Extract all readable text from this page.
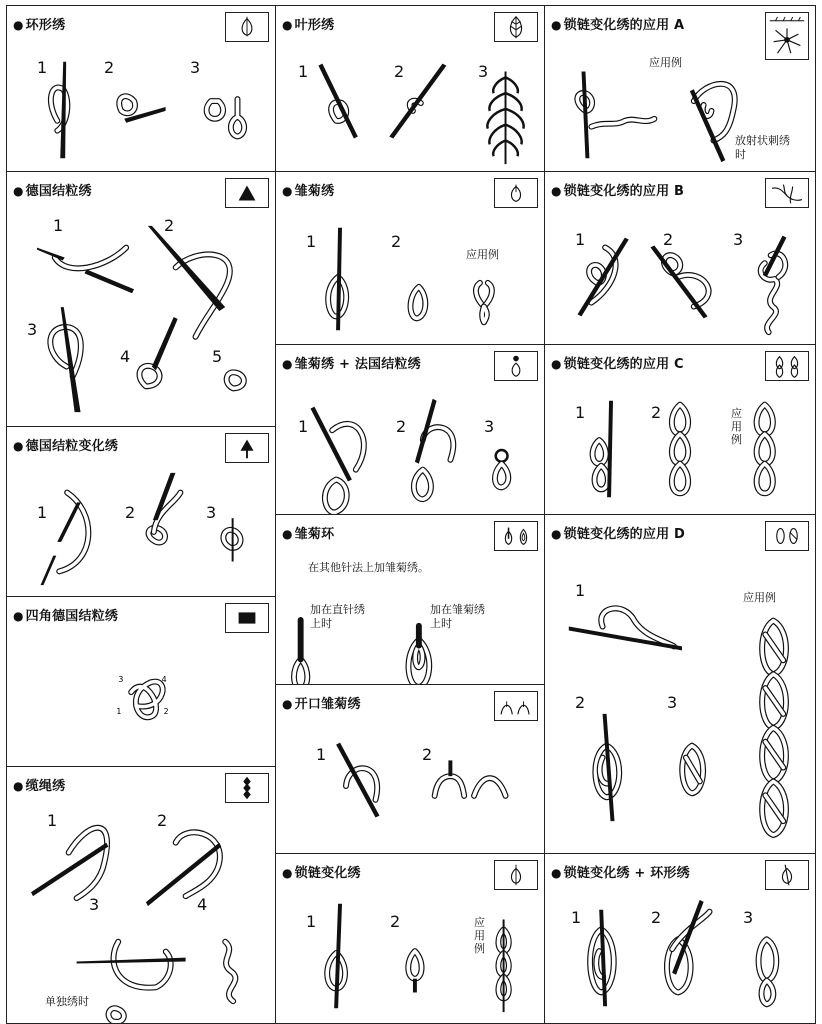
● 环形绣
1	2	3
● 德国结粒绣
1	2
3
4	5
● 德国结粒变化绣
1	2	3
● 四角德国结粒绣
3	4
1	2
● 缆绳绣
1	2
3	4
单独绣时
● 叶形绣
1	2	3
● 雏菊绣
1	2
应用例
● 雏菊绣 + 法国结粒绣
1	2	3
● 雏菊环
在其他针法上加雏菊绣。
加在直针绣上时
加在雏菊绣上时
● 开口雏菊绣
1	2
● 锁链变化绣
1	2	应用例
● 锁链变化绣的应用 A
应用例
放射状刺绣时
● 锁链变化绣的应用 B
1	2	3
● 锁链变化绣的应用 C
1	2	应用例
● 锁链变化绣的应用 D
1
2	3
应用例
● 锁链变化绣 + 环形绣
1	2	3
